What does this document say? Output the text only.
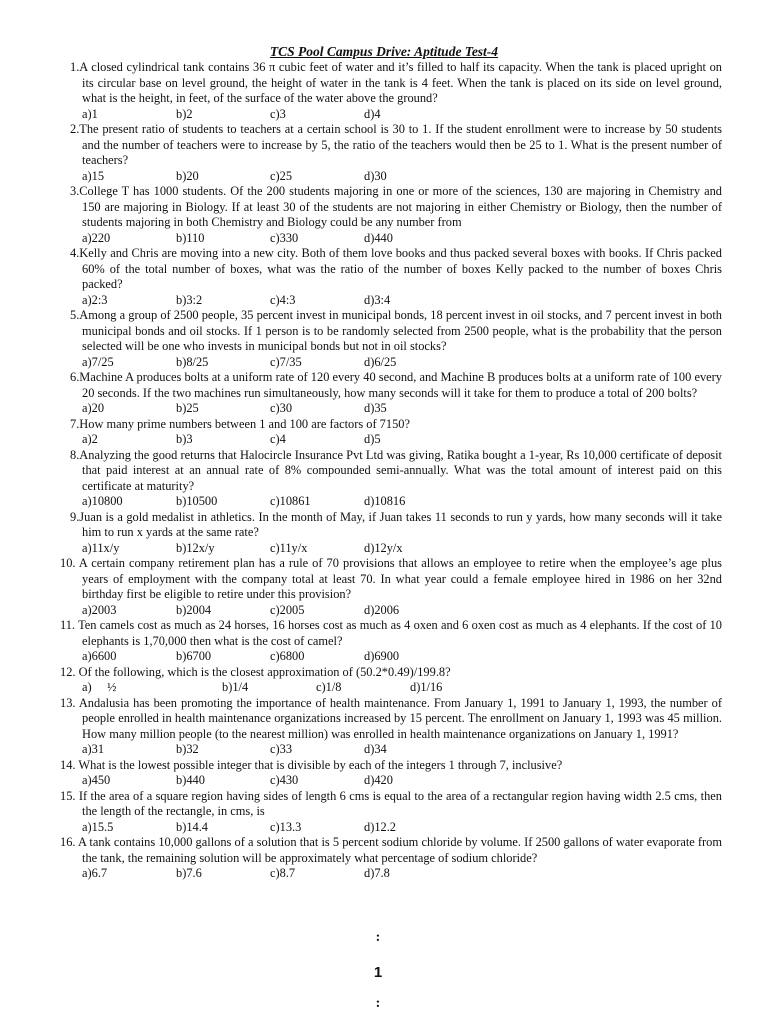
TCS Pool Campus Drive: Aptitude Test-4
1.A closed cylindrical tank contains 36 π cubic feet of water and it’s filled to half its capacity. When the tank is placed upright on its circular base on level ground, the height of water in the tank is 4 feet. When the tank is placed on its side on level ground, what is the height, in feet, of the surface of the water above the ground?
a)1	b)2	c)3	d)4
2.The present ratio of students to teachers at a certain school is 30 to 1. If the student enrollment were to increase by 50 students and the number of teachers were to increase by 5, the ratio of the teachers would then be 25 to 1. What is the present number of teachers?
a)15	b)20	c)25	d)30
3.College T has 1000 students. Of the 200 students majoring in one or more of the sciences, 130 are majoring in Chemistry and 150 are majoring in Biology. If at least 30 of the students are not majoring in either Chemistry or Biology, then the number of students majoring in both Chemistry and Biology could be any number from
a)220	b)110	c)330	d)440
4.Kelly and Chris are moving into a new city. Both of them love books and thus packed several boxes with books. If Chris packed 60% of the total number of boxes, what was the ratio of the number of boxes Kelly packed to the number of boxes Chris packed?
a)2:3	b)3:2	c)4:3	d)3:4
5.Among a group of 2500 people, 35 percent invest in municipal bonds, 18 percent invest in oil stocks, and 7 percent invest in both municipal bonds and oil stocks. If 1 person is to be randomly selected from 2500 people, what is the probability that the person selected will be one who invests in municipal bonds but not in oil stocks?
a)7/25	b)8/25	c)7/35	d)6/25
6.Machine A produces bolts at a uniform rate of 120 every 40 second, and Machine B produces bolts at a uniform rate of 100 every 20 seconds. If the two machines run simultaneously, how many seconds will it take for them to produce a total of 200 bolts?
a)20	b)25	c)30	d)35
7.How many prime numbers between 1 and 100 are factors of 7150?
a)2	b)3	c)4	d)5
8.Analyzing the good returns that Halocircle Insurance Pvt Ltd was giving, Ratika bought a 1-year, Rs 10,000 certificate of deposit that paid interest at an annual rate of 8% compounded semi-annually. What was the total amount of interest paid on this certificate at maturity?
a)10800	b)10500	c)10861	d)10816
9.Juan is a gold medalist in athletics. In the month of May, if Juan takes 11 seconds to run y yards, how many seconds will it take him to run x yards at the same rate?
a)11x/y	b)12x/y	c)11y/x	d)12y/x
10. A certain company retirement plan has a rule of 70 provisions that allows an employee to retire when the employee’s age plus years of employment with the company total at least 70. In what year could a female employee hired in 1986 on her 32nd birthday first be eligible to retire under this provision?
a)2003	b)2004	c)2005	d)2006
11. Ten camels cost as much as 24 horses, 16 horses cost as much as 4 oxen and 6 oxen cost as much as 4 elephants. If the cost of 10 elephants is 1,70,000 then what is the cost of camel?
a)6600	b)6700	c)6800	d)6900
12. Of the following, which is the closest approximation of (50.2*0.49)/199.8?
a)     ½	b)1/4	c)1/8	d)1/16
13. Andalusia has been promoting the importance of health maintenance. From January 1, 1991 to January 1, 1993, the number of people enrolled in health maintenance organizations increased by 15 percent. The enrollment on January 1, 1993 was 45 million. How many million people (to the nearest million) was enrolled in health maintenance organizations on January 1, 1991?
a)31	b)32	c)33	d)34
14. What is the lowest possible integer that is divisible by each of the integers 1 through 7, inclusive?
a)450	b)440	c)430	d)420
15. If the area of a square region having sides of length 6 cms is equal to the area of a rectangular region having width 2.5 cms, then the length of the rectangle, in cms, is
a)15.5	b)14.4	c)13.3	d)12.2
16. A tank contains 10,000 gallons of a solution that is 5 percent sodium chloride by volume. If 2500 gallons of water evaporate from the tank, the remaining solution will be approximately what percentage of sodium chloride?
a)6.7	b)7.6	c)8.7	d)7.8
:
1
:
